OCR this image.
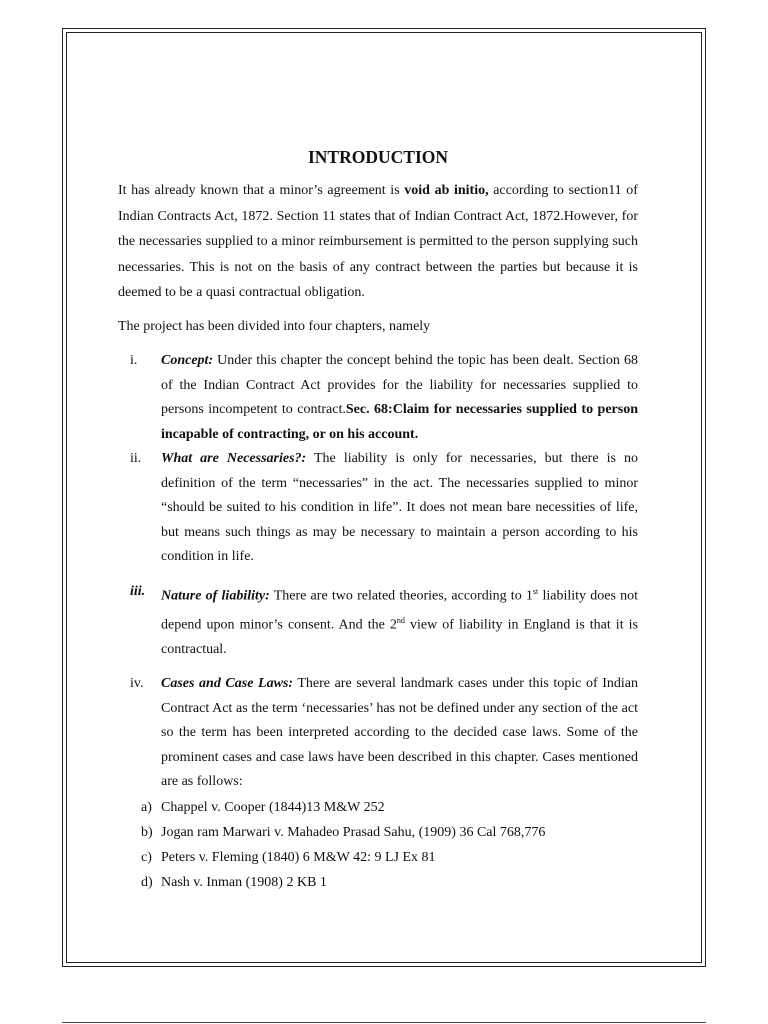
INTRODUCTION

It has already known that a minor’s agreement is void ab initio, according to section11 of Indian Contracts Act, 1872. Section 11 states that of Indian Contract Act, 1872.However, for the necessaries supplied to a minor reimbursement is permitted to the person supplying such necessaries. This is not on the basis of any contract between the parties but because it is deemed to be a quasi contractual obligation.

The project has been divided into four chapters, namely

i. Concept: Under this chapter the concept behind the topic has been dealt. Section 68 of the Indian Contract Act provides for the liability for necessaries supplied to persons incompetent to contract.Sec. 68:Claim for necessaries supplied to person incapable of contracting, or on his account.
ii. What are Necessaries?: The liability is only for necessaries, but there is no definition of the term “necessaries” in the act. The necessaries supplied to minor “should be suited to his condition in life”. It does not mean bare necessities of life, but means such things as may be necessary to maintain a person according to his condition in life.
iii. Nature of liability: There are two related theories, according to 1st liability does not depend upon minor’s consent. And the 2nd view of liability in England is that it is contractual.
iv. Cases and Case Laws: There are several landmark cases under this topic of Indian Contract Act as the term ‘necessaries’ has not be defined under any section of the act so the term has been interpreted according to the decided case laws. Some of the prominent cases and case laws have been described in this chapter. Cases mentioned are as follows:
a) Chappel v. Cooper (1844)13 M&W 252
b) Jogan ram Marwari v. Mahadeo Prasad Sahu, (1909) 36 Cal 768,776
c) Peters v. Fleming (1840) 6 M&W 42: 9 LJ Ex 81
d) Nash v. Inman (1908) 2 KB 1
